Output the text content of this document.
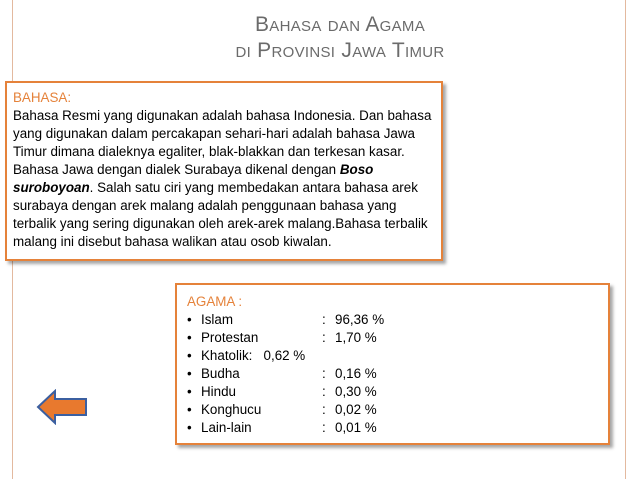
Bahasa dan Agama
di Provinsi Jawa Timur
BAHASA:
Bahasa Resmi yang digunakan adalah bahasa Indonesia. Dan bahasa yang digunakan dalam percakapan sehari-hari adalah bahasa Jawa Timur dimana dialeknya egaliter, blak-blakkan dan terkesan kasar. Bahasa Jawa dengan dialek Surabaya dikenal dengan Boso suroboyoan. Salah satu ciri yang membedakan antara bahasa arek surabaya dengan arek malang adalah penggunaan bahasa yang terbalik yang sering digunakan oleh arek-arek malang.Bahasa terbalik malang ini disebut bahasa walikan atau osob kiwalan.
AGAMA :
• Islam	: 96,36 %
• Protestan	: 1,70 %
• Khatolik:   0,62 %
• Budha	: 0,16 %
• Hindu	: 0,30 %
• Konghucu	: 0,02 %
• Lain-lain	: 0,01 %
